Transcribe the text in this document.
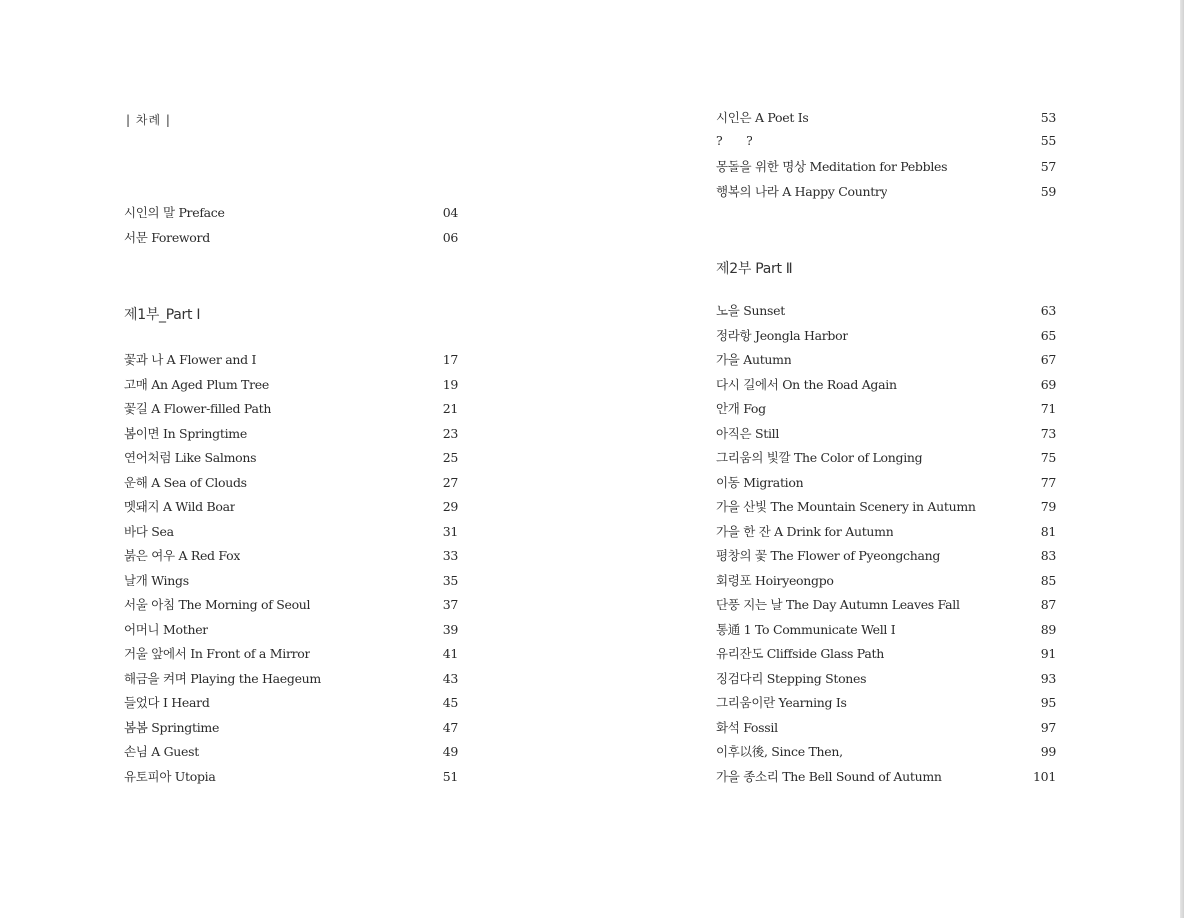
| 차례 |
시인의 말 Preface	04
서문 Foreword	06
제1부_Part Ⅰ
꽃과 나 A Flower and I	17
고매 An Aged Plum Tree	19
꽃길 A Flower-filled Path	21
봄이면 In Springtime	23
연어처럼 Like Salmons	25
운해 A Sea of Clouds	27
멧돼지 A Wild Boar	29
바다 Sea	31
붉은 여우 A Red Fox	33
날개 Wings	35
서울 아침 The Morning of Seoul	37
어머니 Mother	39
거울 앞에서 In Front of a Mirror	41
해금을 켜며 Playing the Haegeum	43
들었다 I Heard	45
봄봄 Springtime	47
손님 A Guest	49
유토피아 Utopia	51
시인은 A Poet Is	53
? ?	55
몽돌을 위한 명상 Meditation for Pebbles	57
행복의 나라 A Happy Country	59
제2부 Part Ⅱ
노을 Sunset	63
정라항 Jeongla Harbor	65
가을 Autumn	67
다시 길에서 On the Road Again	69
안개 Fog	71
아직은 Still	73
그리움의 빛깔 The Color of Longing	75
이동 Migration	77
가을 산빛 The Mountain Scenery in Autumn	79
가을 한 잔 A Drink for Autumn	81
평창의 꽃 The Flower of Pyeongchang	83
회령포 Hoiryeongpo	85
단풍 지는 날 The Day Autumn Leaves Fall	87
통通 1 To Communicate Well I	89
유리잔도 Cliffside Glass Path	91
징검다리 Stepping Stones	93
그리움이란 Yearning Is	95
화석 Fossil	97
이후以後, Since Then,	99
가을 종소리 The Bell Sound of Autumn	101
